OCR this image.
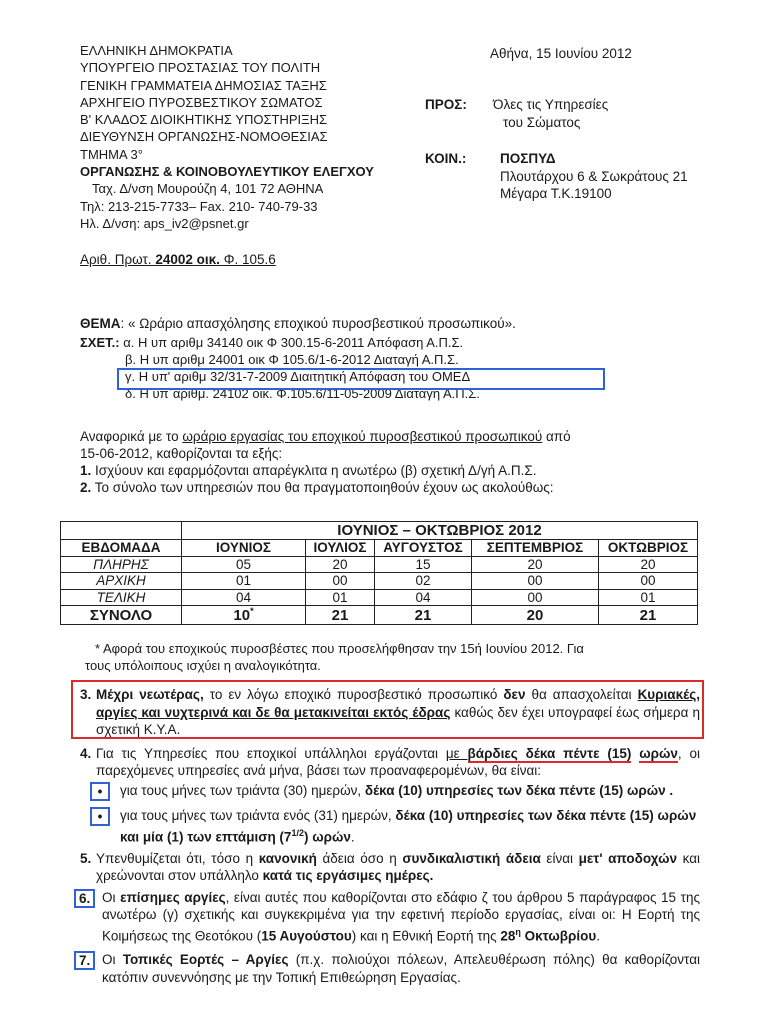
ΕΛΛΗΝΙΚΗ ΔΗΜΟΚΡΑΤΙΑ
ΥΠΟΥΡΓΕΙΟ ΠΡΟΣΤΑΣΙΑΣ ΤΟΥ ΠΟΛΙΤΗ
ΓΕΝΙΚΗ ΓΡΑΜΜΑΤΕΙΑ ΔΗΜΟΣΙΑΣ ΤΑΞΗΣ
ΑΡΧΗΓΕΙΟ ΠΥΡΟΣΒΕΣΤΙΚΟΥ ΣΩΜΑΤΟΣ
Β' ΚΛΑΔΟΣ ΔΙΟΙΚΗΤΙΚΗΣ ΥΠΟΣΤΗΡΙΞΗΣ
ΔΙΕΥΘΥΝΣΗ ΟΡΓΑΝΩΣΗΣ-ΝΟΜΟΘΕΣΙΑΣ
ΤΜΗΜΑ 3°
ΟΡΓΑΝΩΣΗΣ & ΚΟΙΝΟΒΟΥΛΕΥΤΙΚΟΥ ΕΛΕΓΧΟΥ
Ταχ. Δ/νση Μουρούζη 4, 101 72 ΑΘΗΝΑ
Τηλ: 213-215-7733– Fax. 210- 740-79-33
Ηλ. Δ/νση: aps_iv2@psnet.gr
Αθήνα, 15 Ιουνίου 2012
ΠΡΟΣ:	Όλες τις Υπηρεσίες
του Σώματος
ΚΟΙΝ.:	ΠΟΣΠΥΔ
Πλουτάρχου 6 & Σωκράτους 21
Μέγαρα Τ.Κ.19100
Αριθ. Πρωτ. 24002 οικ. Φ. 105.6
ΘΕΜΑ: « Ωράριο απασχόλησης εποχικού πυροσβεστικού προσωπικού».
ΣΧΕΤ.: α. Η υπ αριθμ 34140 οικ Φ 300.15-6-2011 Απόφαση Α.Π.Σ.
β. Η υπ αριθμ 24001 οικ Φ 105.6/1-6-2012 Διαταγή Α.Π.Σ.
γ. Η υπ' αριθμ 32/31-7-2009 Διαιτητική Απόφαση του ΟΜΕΔ
δ. Η υπ΄αριθμ. 24102 οικ. Φ.105.6/11-05-2009 Διαταγή Α.Π.Σ.

Αναφορικά με το ωράριο εργασίας του εποχικού πυροσβεστικού προσωπικού από

15-06-2012, καθορίζονται τα εξής:

1. Ισχύουν και εφαρμόζονται απαρέγκλιτα η ανωτέρω (β) σχετική Δ/γή Α.Π.Σ.

2. Το σύνολο των υπηρεσιών που θα πραγματοποιηθούν έχουν ως ακολούθως:

	ΙΟΥΝΙΟΣ – ΟΚΤΩΒΡΙΟΣ 2012				
ΕΒΔΟΜΑΔΑ	ΙΟΥΝΙΟΣ	ΙΟΥΛΙΟΣ	ΑΥΓΟΥΣΤΟΣ	ΣΕΠΤΕΜΒΡΙΟΣ	ΟΚΤΩΒΡΙΟΣ
ΠΛΗΡΗΣ	05	20	15	20	20
ΑΡΧΙΚΗ	01	00	02	00	00
ΤΕΛΙΚΗ	04	01	04	00	01
ΣΥΝΟΛΟ	10*	21	21	20	21
* Αφορά του εποχικούς πυροσβέστες που προσελήφθησαν την 15ή Ιουνίου 2012. Για
τους υπόλοιπους ισχύει η αναλογικότητα.
3. Μέχρι νεωτέρας, το εν λόγω εποχικό πυροσβεστικό προσωπικό δεν θα απασχολείται Κυριακές, αργίες και νυχτερινά και δε θα μετακινείται εκτός έδρας καθώς δεν έχει υπογραφεί έως σήμερα η σχετική Κ.Υ.Α.
4. Για τις Υπηρεσίες που εποχικοί υπάλληλοι εργάζονται με βάρδιες δέκα πέντε (15) ωρών, οι παρεχόμενες υπηρεσίες ανά μήνα, βάσει των προαναφερομένων, θα είναι:
•	για τους μήνες των τριάντα (30) ημερών, δέκα (10) υπηρεσίες των δέκα πέντε (15) ωρών .
•	για τους μήνες των τριάντα ενός (31) ημερών, δέκα (10) υπηρεσίες των δέκα πέντε (15) ωρών και μία (1) των επτάμιση $(7^{1/2})$ ωρών.
5. Υπενθυμίζεται ότι, τόσο η κανονική άδεια όσο η συνδικαλιστική άδεια είναι μετ' αποδοχών και χρεώνονται στον υπάλληλο κατά τις εργάσιμες ημέρες.
6. Οι επίσημες αργίες, είναι αυτές που καθορίζονται στο εδάφιο ζ του άρθρου 5 παράγραφος 15 της ανωτέρω (γ) σχετικής και συγκεκριμένα για την εφετινή περίοδο εργασίας, είναι οι: Η Εορτή της Κοιμήσεως της Θεοτόκου (15 Αυγούστου) και η Εθνική Εορτή της $28^\eta$ Οκτωβρίου.
7. Οι Τοπικές Εορτές – Αργίες (π.χ. πολιούχοι πόλεων, Απελευθέρωση πόλης) θα καθορίζονται κατόπιν συνεννόησης με την Τοπική Επιθεώρηση Εργασίας.
